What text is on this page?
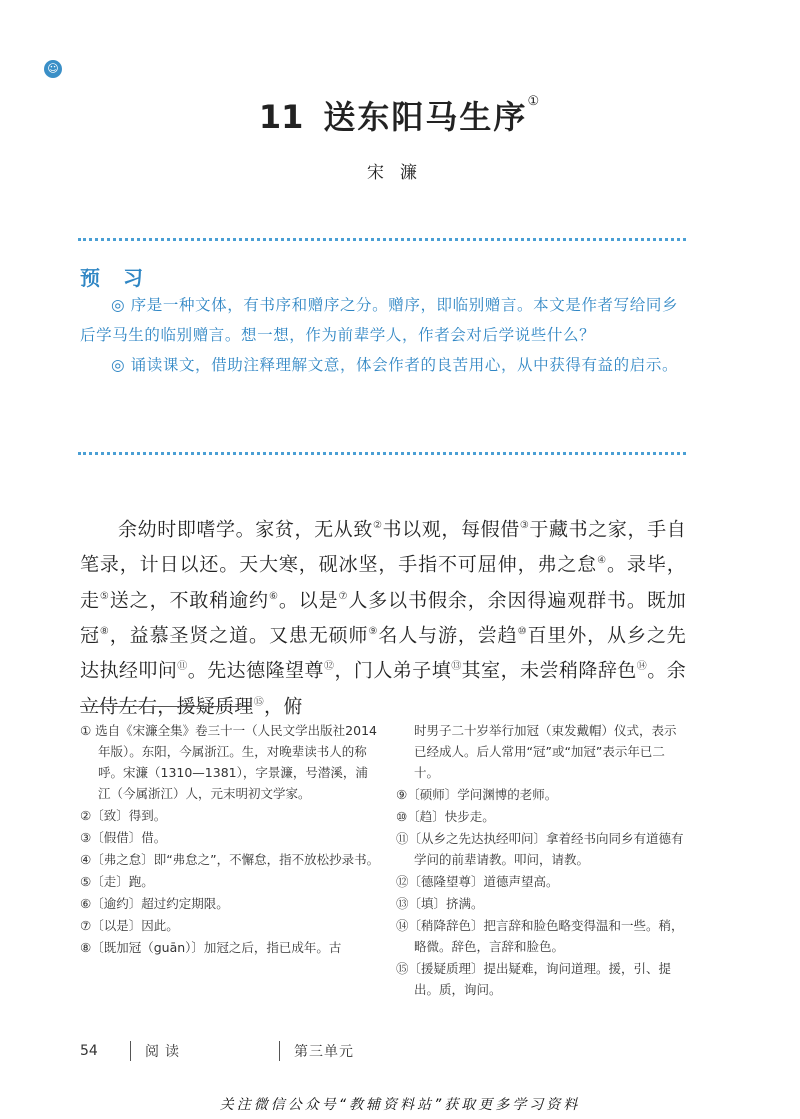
☺
11 送东阳马生序①
宋濂
预 习

◎ 序是一种文体，有书序和赠序之分。赠序，即临别赠言。本文是作者写给同乡后学马生的临别赠言。想一想，作为前辈学人，作者会对后学说些什么？

◎ 诵读课文，借助注释理解文意，体会作者的良苦用心，从中获得有益的启示。

余幼时即嗜学。家贫，无从致②书以观，每假借③于藏书之家，手自笔录，计日以还。天大寒，砚冰坚，手指不可屈伸，弗之怠④。录毕，走⑤送之，不敢稍逾约⑥。以是⑦人多以书假余，余因得遍观群书。既加冠⑧，益慕圣贤之道。又患无硕师⑨名人与游，尝趋⑩百里外，从乡之先达执经叩问⑪。先达德隆望尊⑫，门人弟子填⑬其室，未尝稍降辞色⑭。余立侍左右，援疑质理⑮，俯

① 选自《宋濂全集》卷三十一（人民文学出版社2014年版）。东阳，今属浙江。生，对晚辈读书人的称呼。宋濂（1310—1381），字景濂，号潜溪，浦江（今属浙江）人，元末明初文学家。

②〔致〕得到。

③〔假借〕借。

④〔弗之怠〕即“弗怠之”，不懈怠，指不放松抄录书。

⑤〔走〕跑。

⑥〔逾约〕超过约定期限。

⑦〔以是〕因此。

⑧〔既加冠（guān）〕加冠之后，指已成年。古

时男子二十岁举行加冠（束发戴帽）仪式，表示已经成人。后人常用“冠”或“加冠”表示年已二十。

⑨〔硕师〕学问渊博的老师。

⑩〔趋〕快步走。

⑪〔从乡之先达执经叩问〕拿着经书向同乡有道德有学问的前辈请教。叩问，请教。

⑫〔德隆望尊〕道德声望高。

⑬〔填〕挤满。

⑭〔稍降辞色〕把言辞和脸色略变得温和一些。稍，略微。辞色，言辞和脸色。

⑮〔援疑质理〕提出疑难，询问道理。援，引、提出。质，询问。

54	阅读	第三单元
关注微信公众号“教辅资料站”获取更多学习资料
